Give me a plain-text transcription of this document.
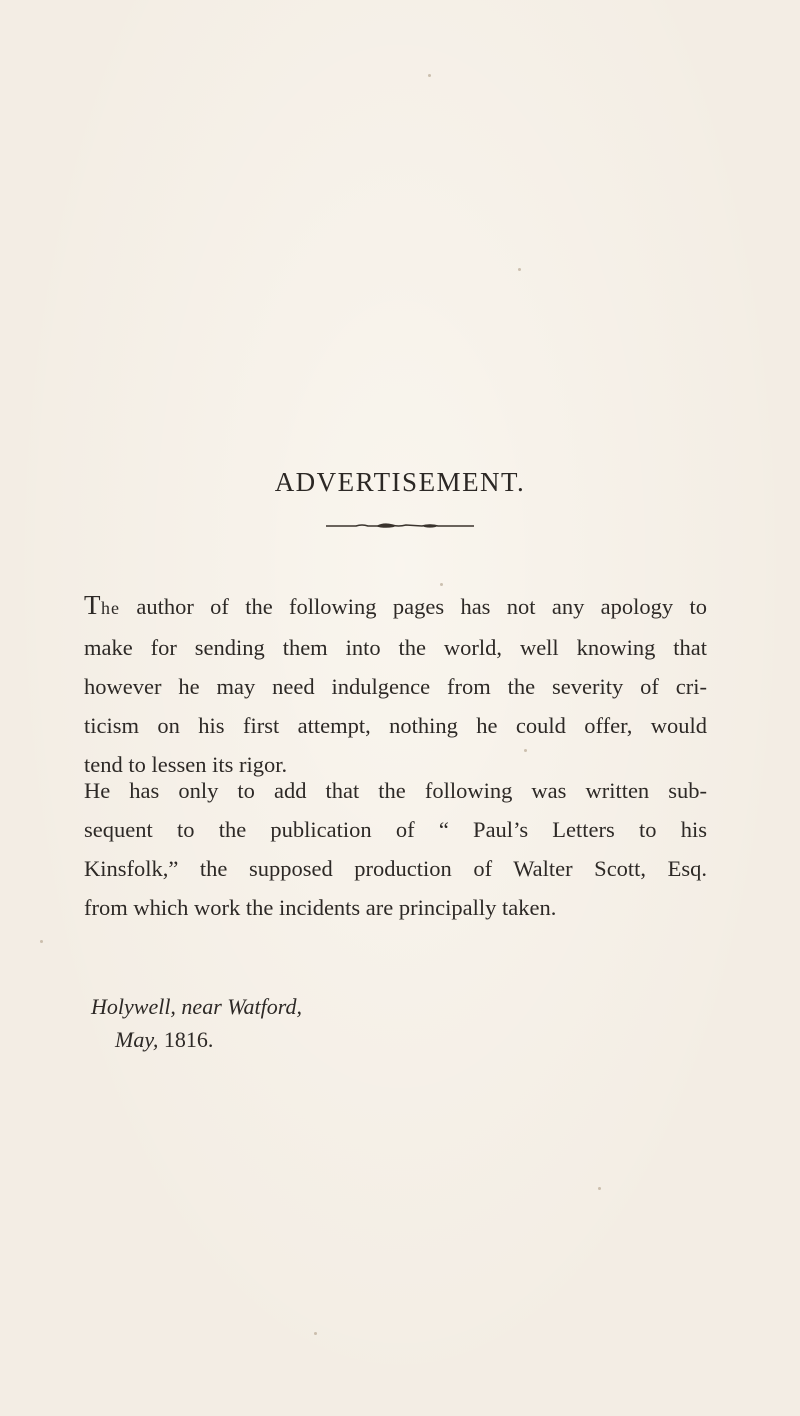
ADVERTISEMENT.
The author of the following pages has not any apology to
make for sending them into the world, well knowing that
however he may need indulgence from the severity of cri-
ticism on his first attempt, nothing he could offer, would
tend to lessen its rigor.
He has only to add that the following was written sub-
sequent to the publication of “ Paul’s Letters to his
Kinsfolk,” the supposed production of Walter Scott, Esq.
from which work the incidents are principally taken.
Holywell, near Watford,
May, 1816.
